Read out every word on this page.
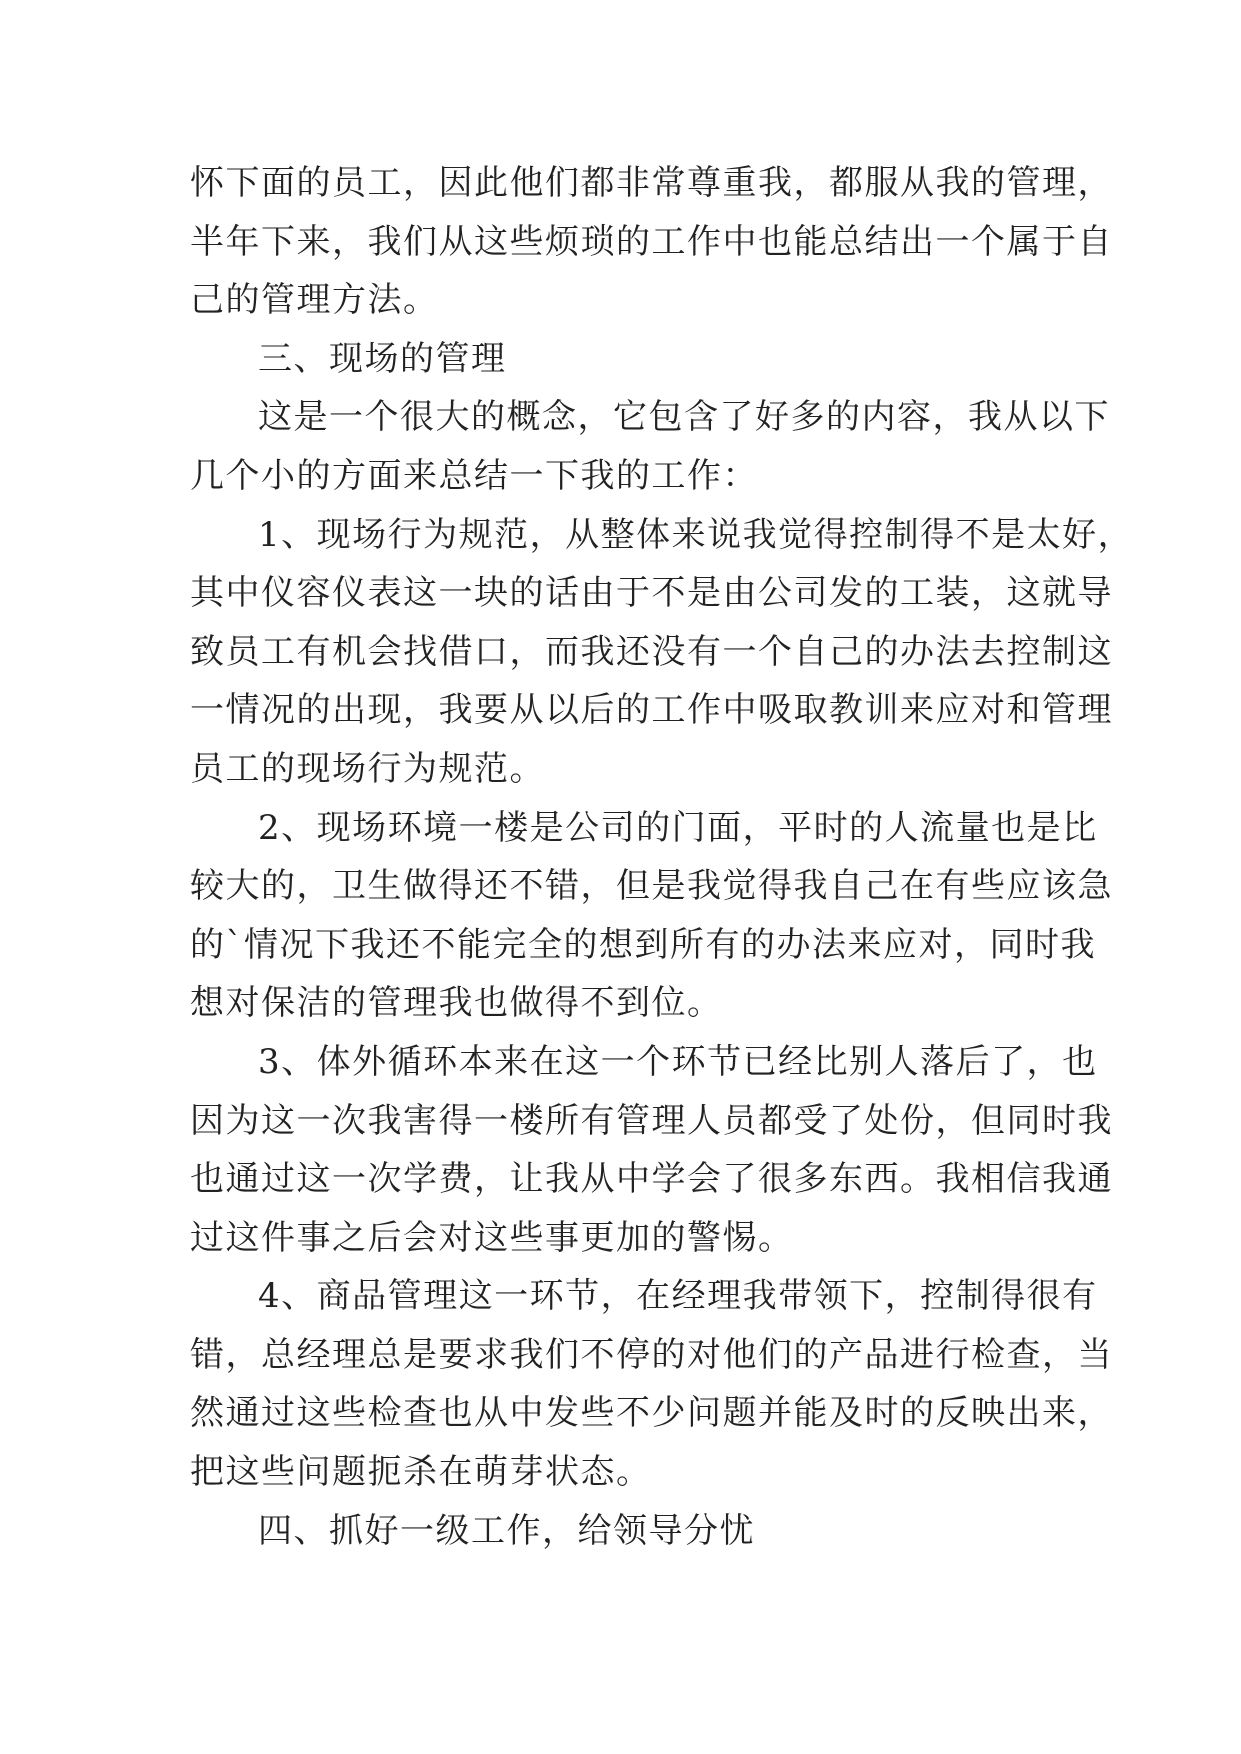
怀下面的员工，因此他们都非常尊重我，都服从我的管理，
半年下来，我们从这些烦琐的工作中也能总结出一个属于自
己的管理方法。
三、现场的管理
这是一个很大的概念，它包含了好多的内容，我从以下
几个小的方面来总结一下我的工作：
1、现场行为规范，从整体来说我觉得控制得不是太好，
其中仪容仪表这一块的话由于不是由公司发的工装，这就导
致员工有机会找借口，而我还没有一个自己的办法去控制这
一情况的出现，我要从以后的工作中吸取教训来应对和管理
员工的现场行为规范。
2、现场环境一楼是公司的门面，平时的人流量也是比
较大的，卫生做得还不错，但是我觉得我自己在有些应该急
的`情况下我还不能完全的想到所有的办法来应对，同时我
想对保洁的管理我也做得不到位。
3、体外循环本来在这一个环节已经比别人落后了，也
因为这一次我害得一楼所有管理人员都受了处份，但同时我
也通过这一次学费，让我从中学会了很多东西。我相信我通
过这件事之后会对这些事更加的警惕。
4、商品管理这一环节，在经理我带领下，控制得很有
错，总经理总是要求我们不停的对他们的产品进行检查，当
然通过这些检查也从中发些不少问题并能及时的反映出来，
把这些问题扼杀在萌芽状态。
四、抓好一级工作，给领导分忧
